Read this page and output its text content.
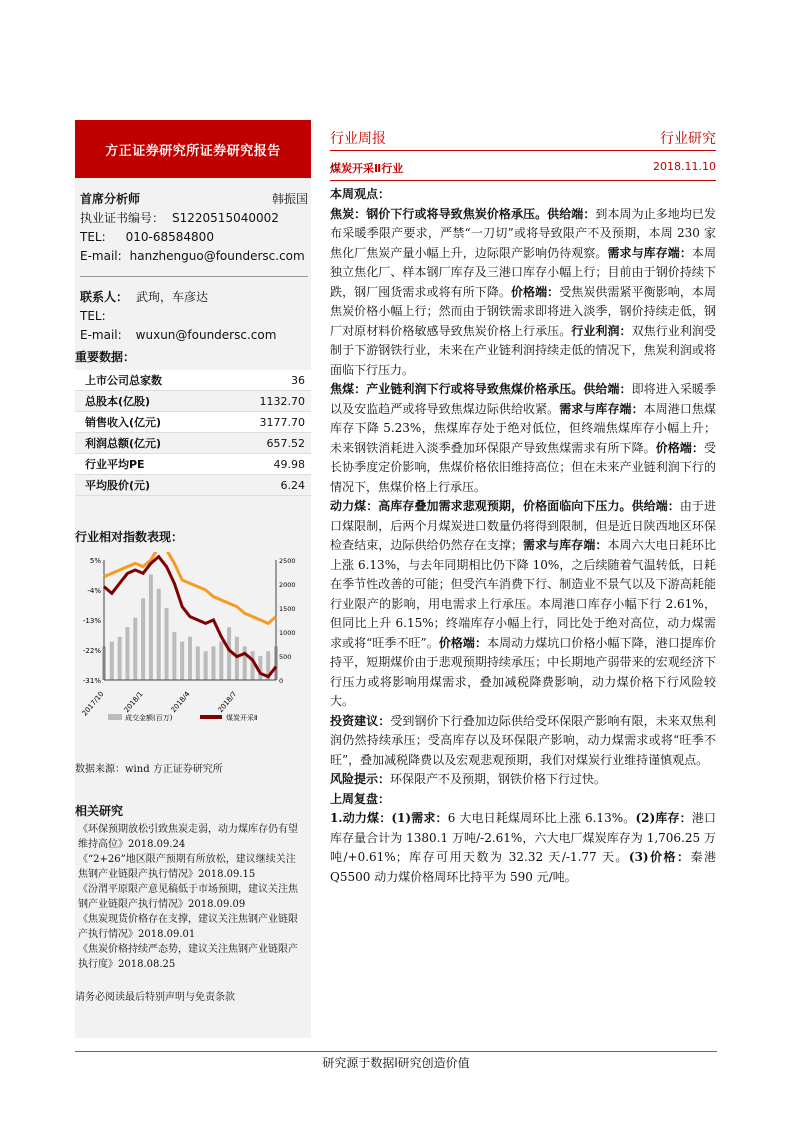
方正证券研究所证券研究报告
行业周报	行业研究
煤炭开采Ⅱ行业	2018.11.10
首席分析师	韩振国
执业证书编号： S1220515040002
TEL: 010-68584800
E-mail: hanzhenguo@foundersc.com
联系人： 武珣，车彦达
TEL:
E-mail: wuxun@foundersc.com
重要数据：
上市公司总家数	36
总股本(亿股)	1132.70
销售收入(亿元)	3177.70
利润总额(亿元)	657.52
行业平均PE	49.98
平均股价(元)	6.24
行业相对指数表现：
5%
-4%
-13%
-22%
-31%
2500
2000
1500
1000
500
0
2017/10 2018/1	2018/4	2018/7
成交金额(百万)	煤炭开采Ⅱ
数据来源：wind 方正证券研究所
相关研究
《环保预期放松引致焦炭走弱，动力煤库存仍有望维持高位》2018.09.24
《“2+26”地区限产预期有所放松，建议继续关注焦钢产业链限产执行情况》2018.09.15
《汾渭平原限产意见稿低于市场预期，建议关注焦钢产业链限产执行情况》2018.09.09
《焦炭现货价格存在支撑，建议关注焦钢产业链限产执行情况》2018.09.01
《焦炭价格持续严态势，建议关注焦钢产业链限产执行度》2018.08.25
请务必阅读最后特别声明与免责条款

本周观点：

焦炭：钢价下行或将导致焦炭价格承压。供给端：到本周为止多地均已发布采暖季限产要求，严禁“一刀切”或将导致限产不及预期，本周 230 家焦化厂焦炭产量小幅上升，边际限产影响仍待观察。需求与库存端：本周独立焦化厂、样本钢厂库存及三港口库存小幅上行；目前由于钢价持续下跌，钢厂囤货需求或将有所下降。价格端：受焦炭供需紧平衡影响，本周焦炭价格小幅上行；然而由于钢铁需求即将进入淡季，钢价持续走低，钢厂对原材料价格敏感导致焦炭价格上行承压。行业利润：双焦行业利润受制于下游钢铁行业，未来在产业链利润持续走低的情况下，焦炭利润或将面临下行压力。

焦煤：产业链利润下行或将导致焦煤价格承压。供给端：即将进入采暖季以及安监趋严或将导致焦煤边际供给收紧。需求与库存端：本周港口焦煤库存下降 5.23%，焦煤库存处于绝对低位，但终端焦煤库存小幅上升；未来钢铁消耗进入淡季叠加环保限产导致焦煤需求有所下降。价格端：受长协季度定价影响，焦煤价格依旧维持高位；但在未来产业链利润下行的情况下，焦煤价格上行承压。

动力煤：高库存叠加需求悲观预期，价格面临向下压力。供给端：由于进口煤限制，后两个月煤炭进口数量仍将得到限制，但是近日陕西地区环保检查结束，边际供给仍然存在支撑；需求与库存端：本周六大电日耗环比上涨 6.13%，与去年同期相比仍下降 10%，之后续随着气温转低，日耗在季节性改善的可能；但受汽车消费下行、制造业不景气以及下游高耗能行业限产的影响，用电需求上行承压。本周港口库存小幅下行 2.61%，但同比上升 6.15%；终端库存小幅上行，同比处于绝对高位，动力煤需求或将“旺季不旺”。价格端：本周动力煤坑口价格小幅下降，港口提库价持平，短期煤价由于悲观预期持续承压；中长期地产弱带来的宏观经济下行压力或将影响用煤需求，叠加减税降费影响，动力煤价格下行风险较大。

投资建议：受到钢价下行叠加边际供给受环保限产影响有限，未来双焦利润仍然持续承压；受高库存以及环保限产影响，动力煤需求或将“旺季不旺”，叠加减税降费以及宏观悲观预期，我们对煤炭行业维持谨慎观点。

风险提示：环保限产不及预期，钢铁价格下行过快。

上周复盘：

1.动力煤：(1)需求：6 大电日耗煤周环比上涨 6.13%。(2)库存：港口库存量合计为 1380.1 万吨/-2.61%，六大电厂煤炭库存为 1,706.25 万吨/+0.61%；库存可用天数为 32.32 天/-1.77 天。(3)价格：秦港 Q5500 动力煤价格周环比持平为 590 元/吨。

研究源于数据l研究创造价值
